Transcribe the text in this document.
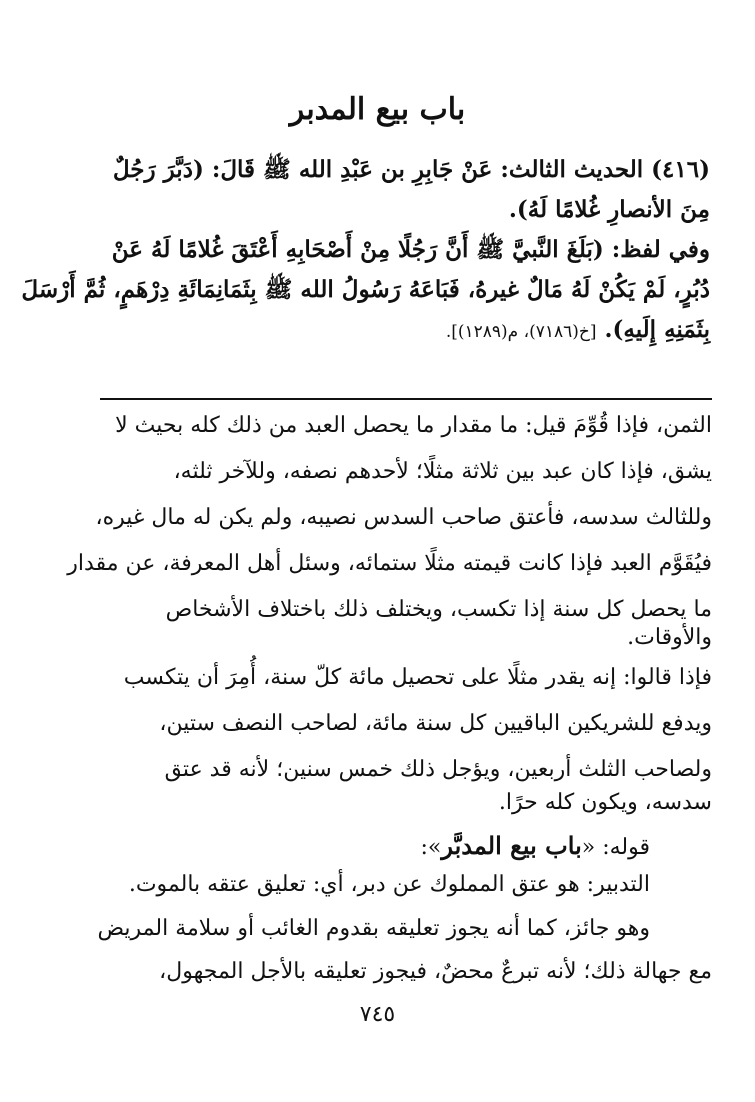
باب بيع المدبر
(٤١٦) الحديث الثالث: عَنْ جَابِرِ بن عَبْدِ الله ﷺ قَالَ: (دَبَّرَ رَجُلٌ
مِنَ الأنصارِ غُلامًا لَهُ).
وفي لفظ: (بَلَغَ النَّبيَّ ﷺ أَنَّ رَجُلًا مِنْ أَصْحَابِهِ أَعْتَقَ غُلامًا لَهُ عَنْ
دُبُرٍ، لَمْ يَكُنْ لَهُ مَالٌ غيرهُ، فَبَاعَهُ رَسُولُ الله ﷺ بِثَمَانِمَائَةِ دِرْهَمٍ، ثُمَّ أَرْسَلَ
بِثَمَنِهِ إِلَيهِ). [خ(٧١٨٦)، م(١٢٨٩)].
الثمن، فإذا قُوِّمَ قيل: ما مقدار ما يحصل العبد من ذلك كله بحيث لا
يشق، فإذا كان عبد بين ثلاثة مثلًا؛ لأحدهم نصفه، وللآخر ثلثه،
وللثالث سدسه، فأعتق صاحب السدس نصيبه، ولم يكن له مال غيره،
فيُقَوَّم العبد فإذا كانت قيمته مثلًا ستمائه، وسئل أهل المعرفة، عن مقدار
ما يحصل كل سنة إذا تكسب، ويختلف ذلك باختلاف الأشخاص
والأوقات.
فإذا قالوا: إنه يقدر مثلًا على تحصيل مائة كلّ سنة، أُمِرَ أن يتكسب
ويدفع للشريكين الباقيين كل سنة مائة، لصاحب النصف ستين،
ولصاحب الثلث أربعين، ويؤجل ذلك خمس سنين؛ لأنه قد عتق
سدسه، ويكون كله حرًا.
قوله: «باب بيع المدبَّر»:
التدبير: هو عتق المملوك عن دبر، أي: تعليق عتقه بالموت.
وهو جائز، كما أنه يجوز تعليقه بقدوم الغائب أو سلامة المريض
مع جهالة ذلك؛ لأنه تبرعٌ محضٌ، فيجوز تعليقه بالأجل المجهول،
٧٤٥
